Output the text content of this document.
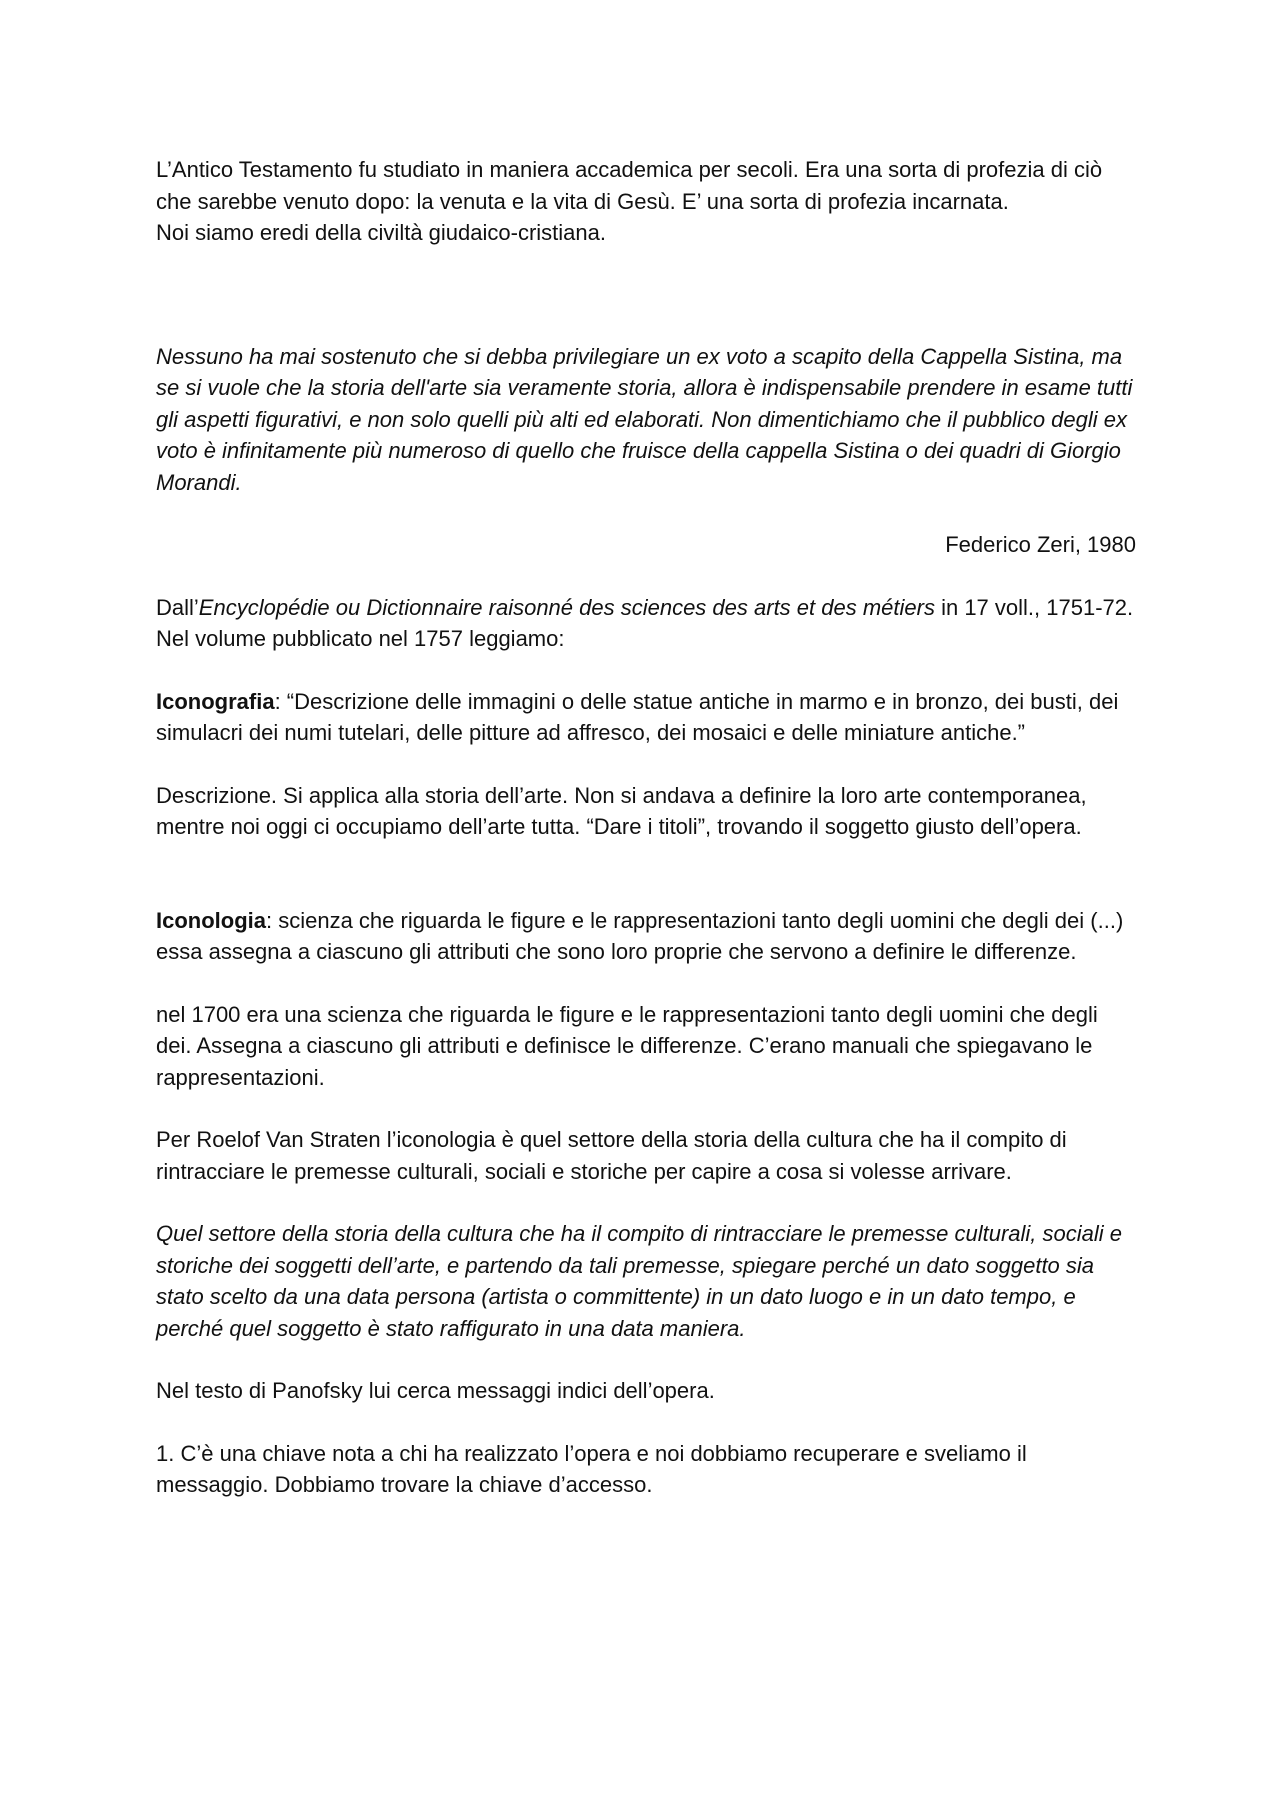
L’Antico Testamento fu studiato in maniera accademica per secoli. Era una sorta di profezia di ciò che sarebbe venuto dopo: la venuta e la vita di Gesù. E’ una sorta di profezia incarnata.

Noi siamo eredi della civiltà giudaico-cristiana.

Nessuno ha mai sostenuto che si debba privilegiare un ex voto a scapito della Cappella Sistina, ma se si vuole che la storia dell'arte sia veramente storia, allora è indispensabile prendere in esame tutti gli aspetti figurativi, e non solo quelli più alti ed elaborati. Non dimentichiamo che il pubblico degli ex voto è infinitamente più numeroso di quello che fruisce della cappella Sistina o dei quadri di Giorgio Morandi.

Federico Zeri, 1980

Dall’Encyclopédie ou Dictionnaire raisonné des sciences des arts et des métiers in 17 voll., 1751-72.

Nel volume pubblicato nel 1757 leggiamo:

Iconografia: “Descrizione delle immagini o delle statue antiche in marmo e in bronzo, dei busti, dei simulacri dei numi tutelari, delle pitture ad affresco, dei mosaici e delle miniature antiche.”

Descrizione. Si applica alla storia dell’arte. Non si andava a definire la loro arte contemporanea, mentre noi oggi ci occupiamo dell’arte tutta. “Dare i titoli”, trovando il soggetto giusto dell’opera.

Iconologia: scienza che riguarda le figure e le rappresentazioni tanto degli uomini che degli dei (...) essa assegna a ciascuno gli attributi che sono loro proprie che servono a definire le differenze.

nel 1700 era una scienza che riguarda le figure e le rappresentazioni tanto degli uomini che degli dei. Assegna a ciascuno gli attributi e definisce le differenze. C’erano manuali che spiegavano le rappresentazioni.

Per Roelof Van Straten l’iconologia è quel settore della storia della cultura che ha il compito di rintracciare le premesse culturali, sociali e storiche per capire a cosa si volesse arrivare.

Quel settore della storia della cultura che ha il compito di rintracciare le premesse culturali, sociali e storiche dei soggetti dell’arte, e partendo da tali premesse, spiegare perché un dato soggetto sia stato scelto da una data persona (artista o committente) in un dato luogo e in un dato tempo, e perché quel soggetto è stato raffigurato in una data maniera.

Nel testo di Panofsky lui cerca messaggi indici dell’opera.

1. C’è una chiave nota a chi ha realizzato l’opera e noi dobbiamo recuperare e sveliamo il messaggio. Dobbiamo trovare la chiave d’accesso.
